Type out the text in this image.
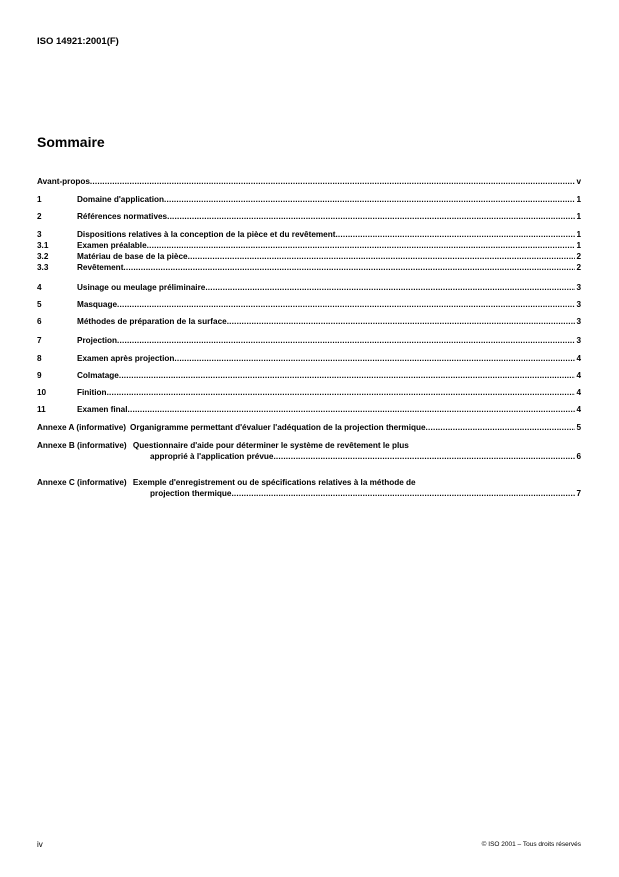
ISO 14921:2001(F)
Sommaire
Avant-propos .....	v
1	Domaine d'application .....	1
2	Références normatives .....	1
3	Dispositions relatives à la conception de la pièce et du revêtement .....	1
3.1	Examen préalable .....	1
3.2	Matériau de base de la pièce .....	2
3.3	Revêtement .....	2
4	Usinage ou meulage préliminaire .....	3
5	Masquage .....	3
6	Méthodes de préparation de la surface .....	3
7	Projection .....	3
8	Examen après projection .....	4
9	Colmatage .....	4
10	Finition .....	4
11	Examen final .....	4
Annexe A (informative) Organigramme permettant d'évaluer l'adéquation de la projection thermique .....	5
Annexe B (informative) Questionnaire d'aide pour déterminer le système de revêtement le plus
approprié à l'application prévue .....	6
Annexe C (informative) Exemple d'enregistrement ou de spécifications relatives à la méthode de
projection thermique .....	7
iv	© ISO 2001 – Tous droits réservés
